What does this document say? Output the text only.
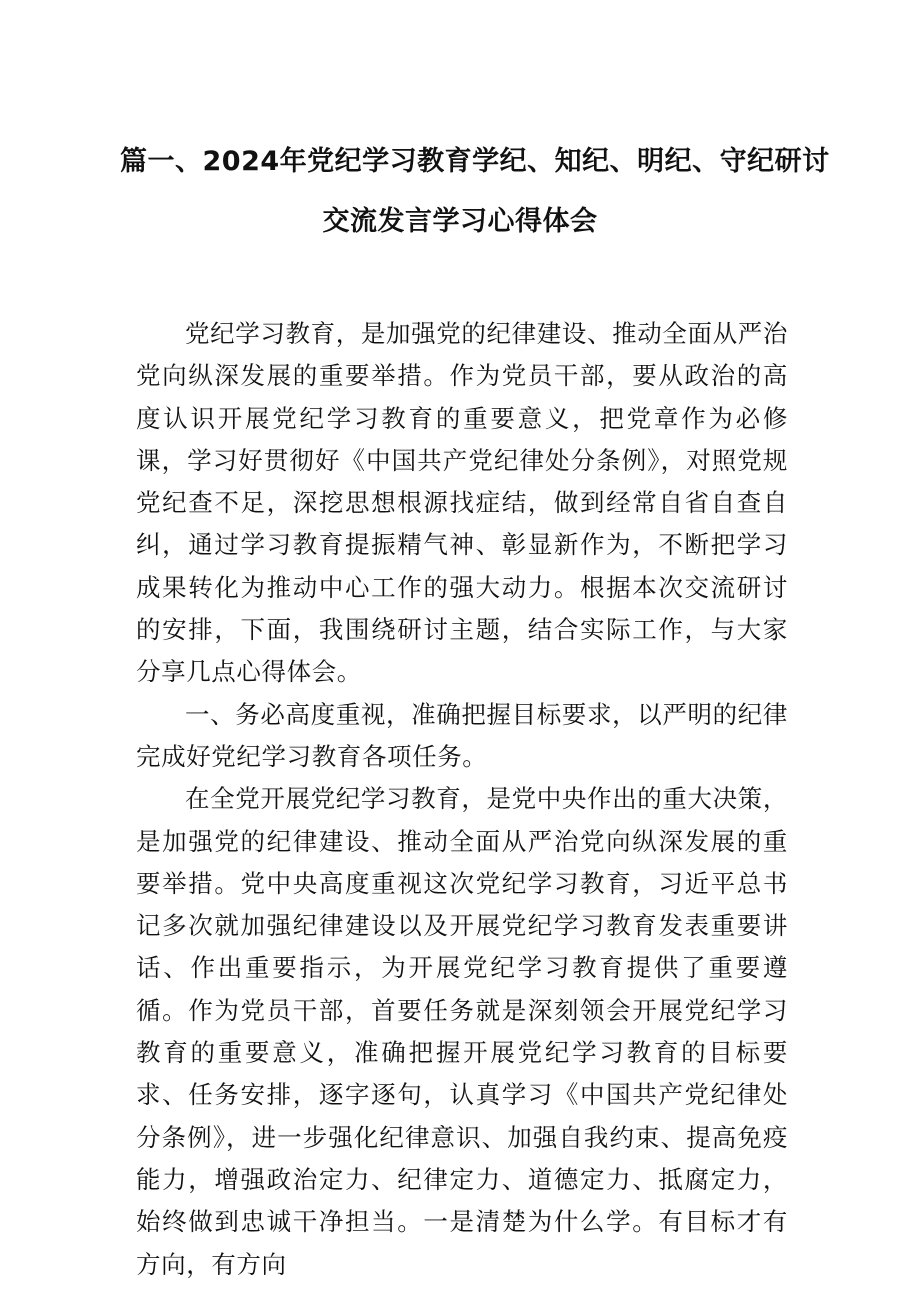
篇一、2024年党纪学习教育学纪、知纪、明纪、守纪研讨
交流发言学习心得体会

党纪学习教育，是加强党的纪律建设、推动全面从严治党向纵深发展的重要举措。作为党员干部，要从政治的高度认识开展党纪学习教育的重要意义，把党章作为必修课，学习好贯彻好《中国共产党纪律处分条例》，对照党规党纪查不足，深挖思想根源找症结，做到经常自省自查自纠，通过学习教育提振精气神、彰显新作为，不断把学习成果转化为推动中心工作的强大动力。根据本次交流研讨的安排，下面，我围绕研讨主题，结合实际工作，与大家分享几点心得体会。

一、务必高度重视，准确把握目标要求，以严明的纪律完成好党纪学习教育各项任务。

在全党开展党纪学习教育，是党中央作出的重大决策，是加强党的纪律建设、推动全面从严治党向纵深发展的重要举措。党中央高度重视这次党纪学习教育，习近平总书记多次就加强纪律建设以及开展党纪学习教育发表重要讲话、作出重要指示，为开展党纪学习教育提供了重要遵循。作为党员干部，首要任务就是深刻领会开展党纪学习教育的重要意义，准确把握开展党纪学习教育的目标要求、任务安排，逐字逐句，认真学习《中国共产党纪律处分条例》，进一步强化纪律意识、加强自我约束、提高免疫能力，增强政治定力、纪律定力、道德定力、抵腐定力，始终做到忠诚干净担当。一是清楚为什么学。有目标才有方向，有方向
